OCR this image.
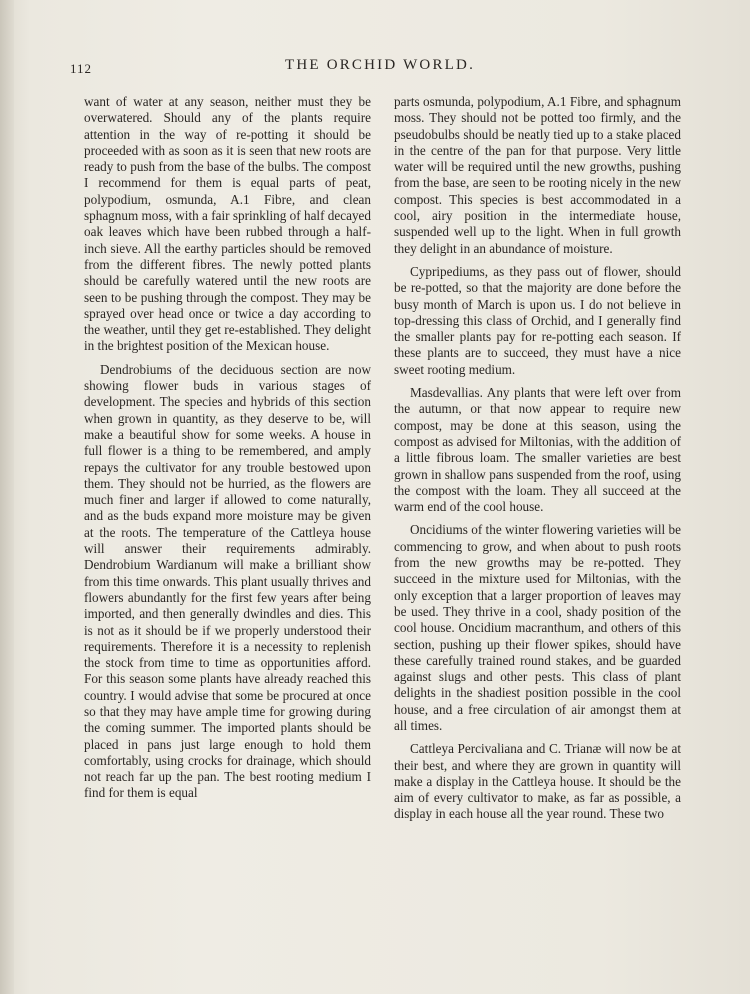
112	THE ORCHID WORLD.

want of water at any season, neither must they be overwatered. Should any of the plants require attention in the way of re-potting it should be proceeded with as soon as it is seen that new roots are ready to push from the base of the bulbs. The compost I recommend for them is equal parts of peat, polypodium, osmunda, A.1 Fibre, and clean sphagnum moss, with a fair sprinkling of half decayed oak leaves which have been rubbed through a half-inch sieve. All the earthy particles should be removed from the different fibres. The newly potted plants should be carefully watered until the new roots are seen to be pushing through the compost. They may be sprayed over head once or twice a day according to the weather, until they get re-established. They delight in the brightest position of the Mexican house.

Dendrobiums of the deciduous section are now showing flower buds in various stages of development. The species and hybrids of this section when grown in quantity, as they deserve to be, will make a beautiful show for some weeks. A house in full flower is a thing to be remembered, and amply repays the cultivator for any trouble bestowed upon them. They should not be hurried, as the flowers are much finer and larger if allowed to come naturally, and as the buds expand more moisture may be given at the roots. The temperature of the Cattleya house will answer their requirements admirably. Dendrobium Wardianum will make a brilliant show from this time onwards. This plant usually thrives and flowers abundantly for the first few years after being imported, and then generally dwindles and dies. This is not as it should be if we properly understood their requirements. Therefore it is a necessity to replenish the stock from time to time as opportunities afford. For this season some plants have already reached this country. I would advise that some be procured at once so that they may have ample time for growing during the coming summer. The imported plants should be placed in pans just large enough to hold them comfortably, using crocks for drainage, which should not reach far up the pan. The best rooting medium I find for them is equal

parts osmunda, polypodium, A.1 Fibre, and sphagnum moss. They should not be potted too firmly, and the pseudobulbs should be neatly tied up to a stake placed in the centre of the pan for that purpose. Very little water will be required until the new growths, pushing from the base, are seen to be rooting nicely in the new compost. This species is best accommodated in a cool, airy position in the intermediate house, suspended well up to the light. When in full growth they delight in an abundance of moisture.

Cypripediums, as they pass out of flower, should be re-potted, so that the majority are done before the busy month of March is upon us. I do not believe in top-dressing this class of Orchid, and I generally find the smaller plants pay for re-potting each season. If these plants are to succeed, they must have a nice sweet rooting medium.

Masdevallias. Any plants that were left over from the autumn, or that now appear to require new compost, may be done at this season, using the compost as advised for Miltonias, with the addition of a little fibrous loam. The smaller varieties are best grown in shallow pans suspended from the roof, using the compost with the loam. They all succeed at the warm end of the cool house.

Oncidiums of the winter flowering varieties will be commencing to grow, and when about to push roots from the new growths may be re-potted. They succeed in the mixture used for Miltonias, with the only exception that a larger proportion of leaves may be used. They thrive in a cool, shady position of the cool house. Oncidium macranthum, and others of this section, pushing up their flower spikes, should have these carefully trained round stakes, and be guarded against slugs and other pests. This class of plant delights in the shadiest position possible in the cool house, and a free circulation of air amongst them at all times.

Cattleya Percivaliana and C. Trianæ will now be at their best, and where they are grown in quantity will make a display in the Cattleya house. It should be the aim of every cultivator to make, as far as possible, a display in each house all the year round. These two
